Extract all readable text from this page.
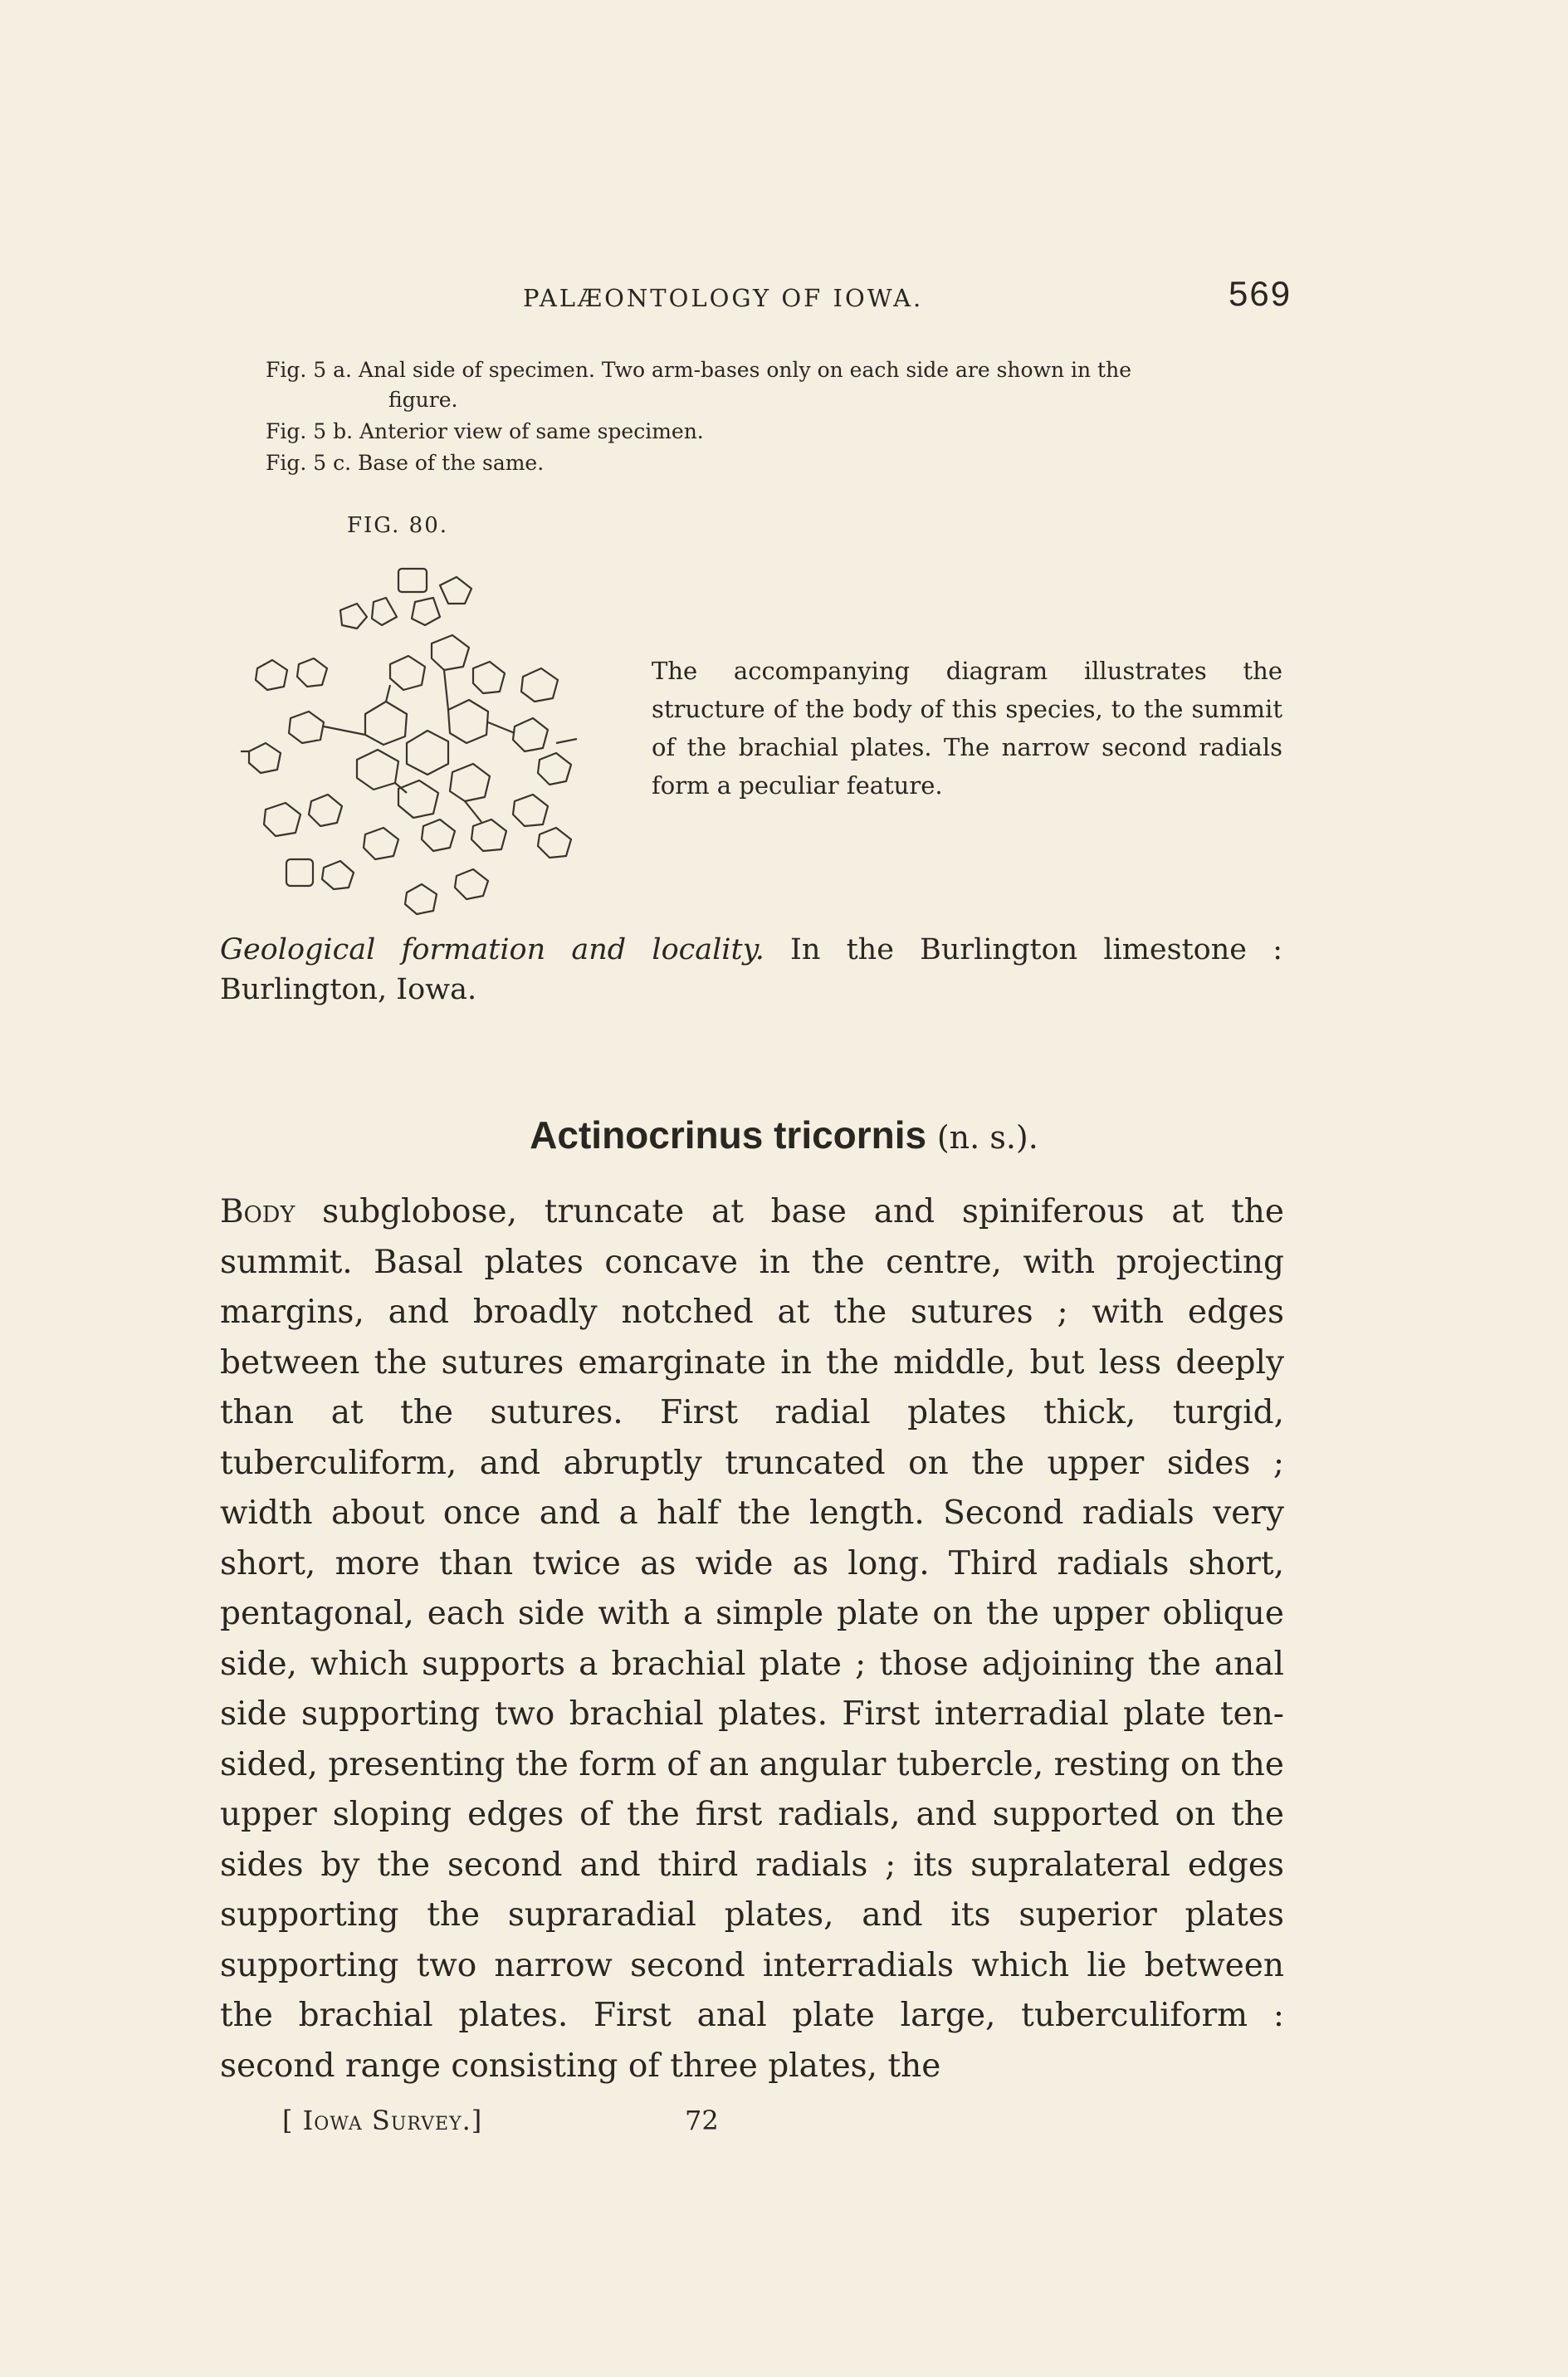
PALÆONTOLOGY OF IOWA.	569
Fig. 5 a. Anal side of specimen. Two arm-bases only on each side are shown in the
figure.
Fig. 5 b. Anterior view of same specimen.
Fig. 5 c. Base of the same.
FIG. 80.
The accompanying diagram illustrates the structure of the body of this species, to the summit of the brachial plates. The narrow second radials form a peculiar feature.
Geological formation and locality. In the Burlington limestone : Burlington, Iowa.
Actinocrinus tricornis (n. s.).
Body subglobose, truncate at base and spiniferous at the summit. Basal plates concave in the centre, with projecting margins, and broadly notched at the sutures ; with edges between the sutures emarginate in the middle, but less deeply than at the sutures. First radial plates thick, turgid, tuberculiform, and abruptly truncated on the upper sides ; width about once and a half the length. Second radials very short, more than twice as wide as long. Third radials short, pentagonal, each side with a simple plate on the upper oblique side, which supports a brachial plate ; those adjoining the anal side supporting two brachial plates. First interradial plate ten-sided, presenting the form of an angular tubercle, resting on the upper sloping edges of the first radials, and supported on the sides by the second and third radials ; its supralateral edges supporting the supraradial plates, and its superior plates supporting two narrow second interradials which lie between the brachial plates. First anal plate large, tuberculiform : second range consisting of three plates, the
[ Iowa Survey.]	72
